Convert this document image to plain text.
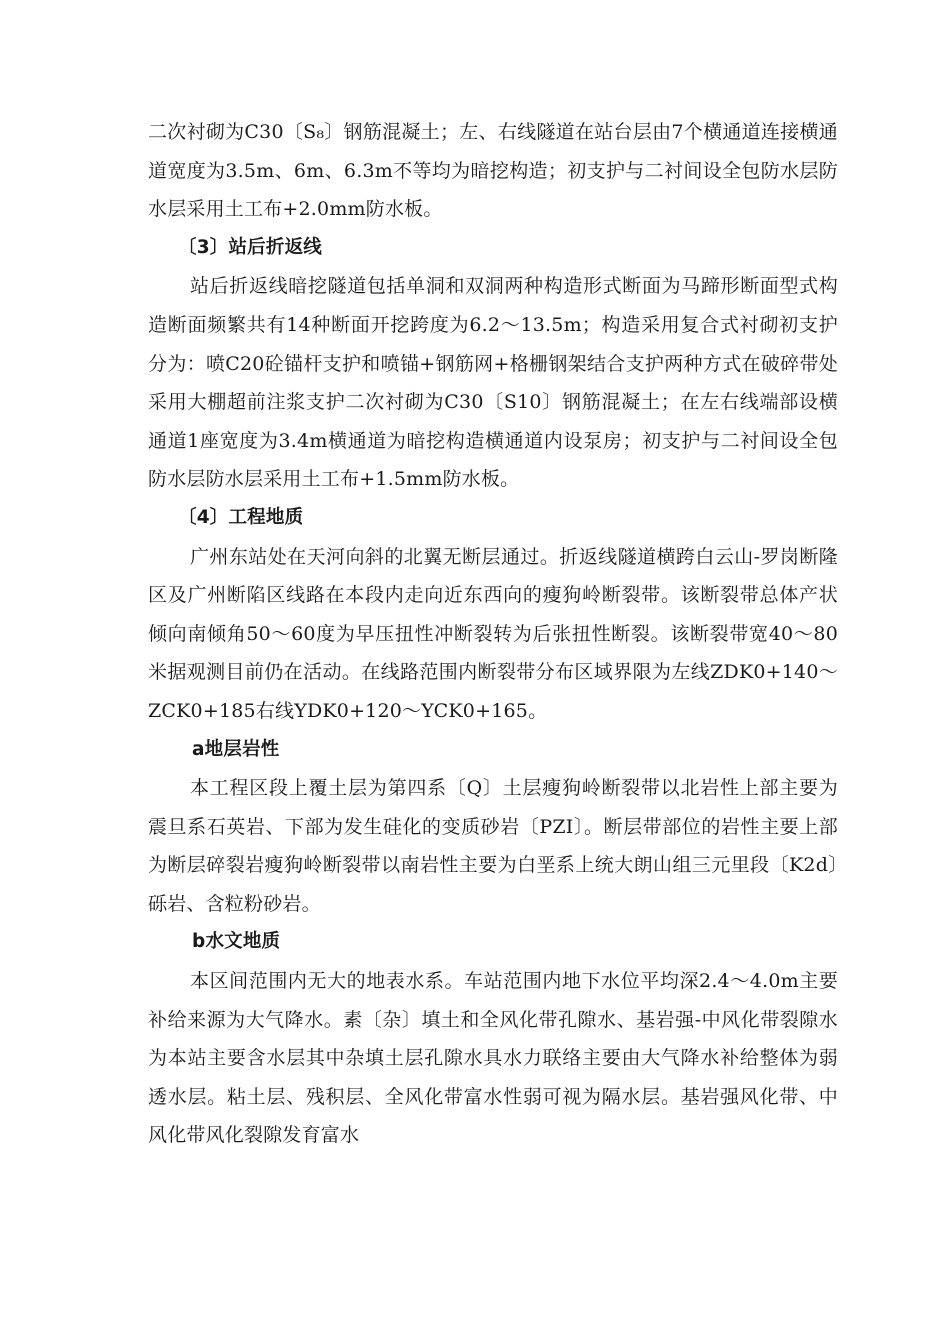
二次衬砌为C30〔S₈〕钢筋混凝土；左、右线隧道在站台层由7个横通道连接横通道宽度为3.5m、6m、6.3m不等均为暗挖构造；初支护与二衬间设全包防水层防水层采用土工布+2.0mm防水板。

〔3〕站后折返线

站后折返线暗挖隧道包括单洞和双洞两种构造形式断面为马蹄形断面型式构造断面频繁共有14种断面开挖跨度为6.2～13.5m；构造采用复合式衬砌初支护分为：喷C20砼锚杆支护和喷锚+钢筋网+格栅钢架结合支护两种方式在破碎带处采用大棚超前注浆支护二次衬砌为C30〔S10〕钢筋混凝土；在左右线端部设横通道1座宽度为3.4m横通道为暗挖构造横通道内设泵房；初支护与二衬间设全包防水层防水层采用土工布+1.5mm防水板。

〔4〕工程地质

广州东站处在天河向斜的北翼无断层通过。折返线隧道横跨白云山-罗岗断隆区及广州断陷区线路在本段内走向近东西向的瘦狗岭断裂带。该断裂带总体产状倾向南倾角50～60度为早压扭性冲断裂转为后张扭性断裂。该断裂带宽40～80米据观测目前仍在活动。在线路范围内断裂带分布区域界限为左线ZDK0+140～ZCK0+185右线YDK0+120～YCK0+165。

a地层岩性

本工程区段上覆土层为第四系〔Q〕土层瘦狗岭断裂带以北岩性上部主要为震旦系石英岩、下部为发生硅化的变质砂岩〔PZI〕。断层带部位的岩性主要上部为断层碎裂岩瘦狗岭断裂带以南岩性主要为白垩系上统大朗山组三元里段〔K2d〕砾岩、含粒粉砂岩。

b水文地质

本区间范围内无大的地表水系。车站范围内地下水位平均深2.4～4.0m主要补给来源为大气降水。素〔杂〕填土和全风化带孔隙水、基岩强-中风化带裂隙水为本站主要含水层其中杂填土层孔隙水具水力联络主要由大气降水补给整体为弱透水层。粘土层、残积层、全风化带富水性弱可视为隔水层。基岩强风化带、中风化带风化裂隙发育富水
